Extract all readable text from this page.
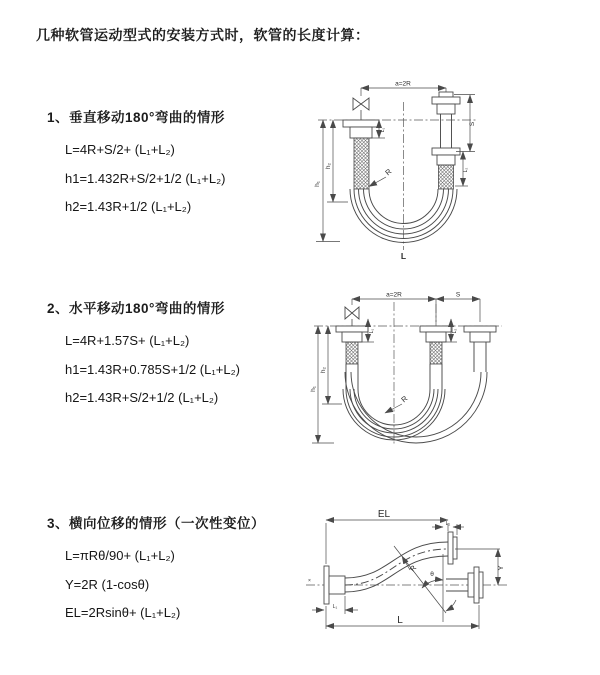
几种软管运动型式的安装方式时，软管的长度计算：
1、垂直移动180°弯曲的情形
L=4R+S/2+ (L₁+L₂)
h1=1.432R+S/2+1/2 (L₁+L₂)
h2=1.43R+1/2 (L₁+L₂)
2、水平移动180°弯曲的情形
L=4R+1.57S+ (L₁+L₂)
h1=1.43R+0.785S+1/2 (L₁+L₂)
h2=1.43R+S/2+1/2 (L₁+L₂)
3、横向位移的情形（一次性变位）
L=πRθ/90+ (L₁+L₂)
Y=2R (1-cosθ)
EL=2Rsinθ+ (L₁+L₂)
a=2R
h₁
h₂
L₁
S
L₂
R
L
a=2R	S
h₁
h₂
L₁	L₂
R
×
θ
EL
L₂
Y
L₁
L
R
